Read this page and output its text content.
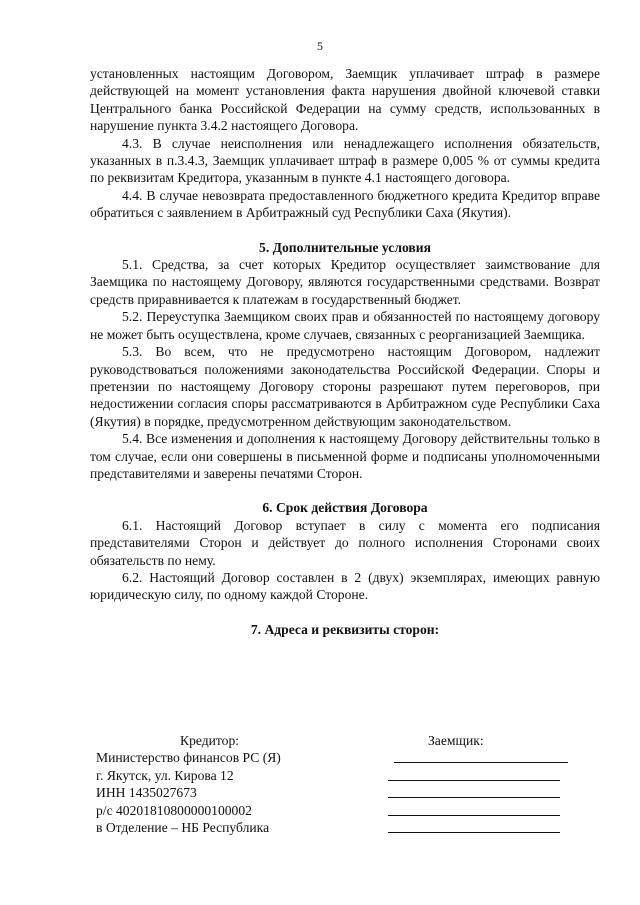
5

установленных настоящим Договором, Заемщик уплачивает штраф в размере действующей на момент установления факта нарушения двойной ключевой ставки Центрального банка Российской Федерации на сумму средств, использованных в нарушение пункта 3.4.2 настоящего Договора.

4.3. В случае неисполнения или ненадлежащего исполнения обязательств, указанных в п.3.4.3, Заемщик уплачивает штраф в размере 0,005 % от суммы кредита по реквизитам Кредитора, указанным в пункте 4.1 настоящего договора.

4.4. В случае невозврата предоставленного бюджетного кредита Кредитор вправе обратиться с заявлением в Арбитражный суд Республики Саха (Якутия).

5. Дополнительные условия

5.1. Средства, за счет которых Кредитор осуществляет заимствование для Заемщика по настоящему Договору, являются государственными средствами. Возврат средств приравнивается к платежам в государственный бюджет.

5.2. Переуступка Заемщиком своих прав и обязанностей по настоящему договору не может быть осуществлена, кроме случаев, связанных с реорганизацией Заемщика.

5.3. Во всем, что не предусмотрено настоящим Договором, надлежит руководствоваться положениями законодательства Российской Федерации. Споры и претензии по настоящему Договору стороны разрешают путем переговоров, при недостижении согласия споры рассматриваются в Арбитражном суде Республики Саха (Якутия) в порядке, предусмотренном действующим законодательством.

5.4. Все изменения и дополнения к настоящему Договору действительны только в том случае, если они совершены в письменной форме и подписаны уполномоченными представителями и заверены печатями Сторон.

6. Срок действия Договора

6.1. Настоящий Договор вступает в силу с момента его подписания представителями Сторон и действует до полного исполнения Сторонами своих обязательств по нему.

6.2. Настоящий Договор составлен в 2 (двух) экземплярах, имеющих равную юридическую силу, по одному каждой Стороне.

7. Адреса и реквизиты сторон:

Кредитор:	Заемщик:
Министерство финансов РС (Я)
г. Якутск, ул. Кирова 12
ИНН 1435027673
р/с 40201810800000100002
в Отделение – НБ Республика
